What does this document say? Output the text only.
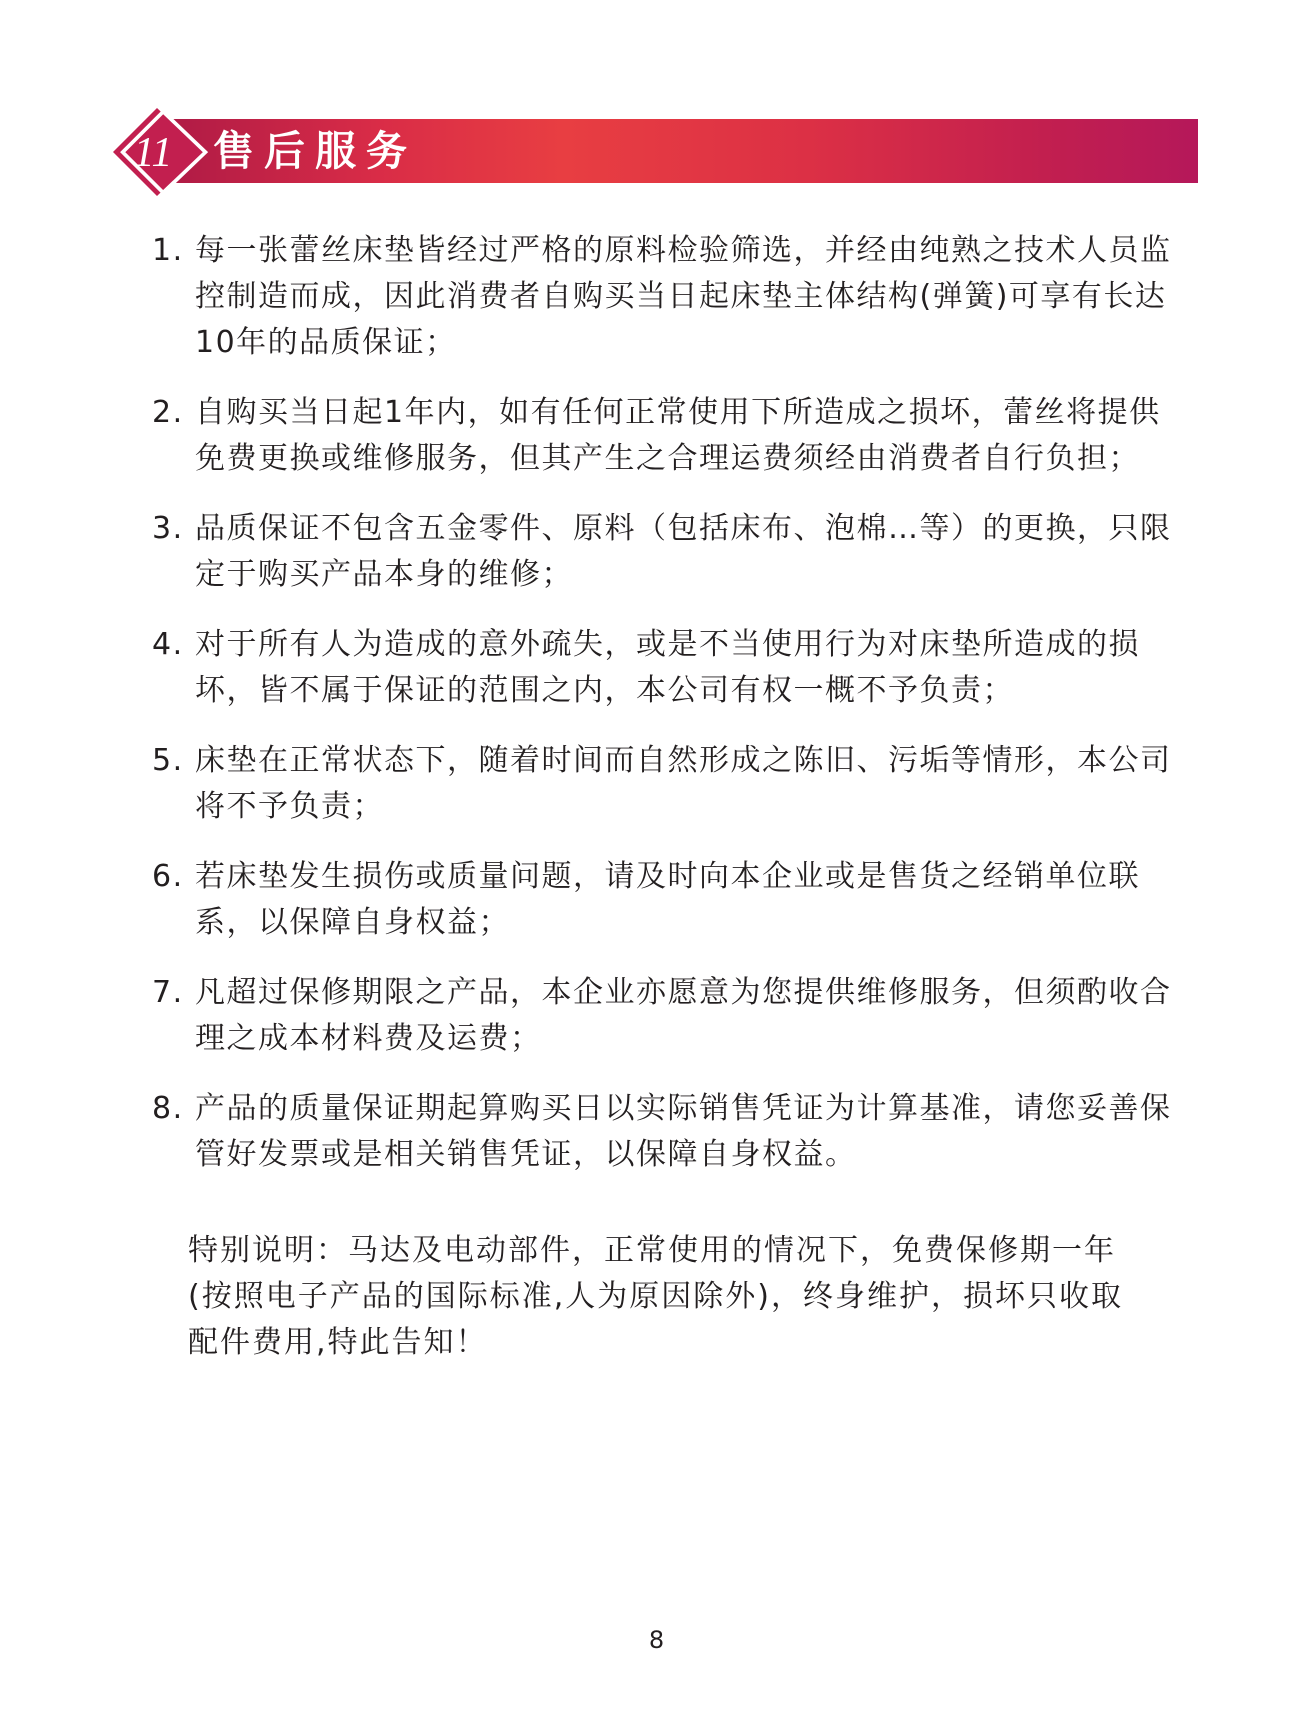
11 售后服务
1. 每一张蕾丝床垫皆经过严格的原料检验筛选，并经由纯熟之技术人员监控制造而成，因此消费者自购买当日起床垫主体结构(弹簧)可享有长达10年的品质保证；
2. 自购买当日起1年内，如有任何正常使用下所造成之损坏，蕾丝将提供免费更换或维修服务，但其产生之合理运费须经由消费者自行负担；
3. 品质保证不包含五金零件、原料（包括床布、泡棉…等）的更换，只限定于购买产品本身的维修；
4. 对于所有人为造成的意外疏失，或是不当使用行为对床垫所造成的损坏，皆不属于保证的范围之内，本公司有权一概不予负责；
5. 床垫在正常状态下，随着时间而自然形成之陈旧、污垢等情形，本公司将不予负责；
6. 若床垫发生损伤或质量问题，请及时向本企业或是售货之经销单位联系，以保障自身权益；
7. 凡超过保修期限之产品，本企业亦愿意为您提供维修服务，但须酌收合理之成本材料费及运费；
8. 产品的质量保证期起算购买日以实际销售凭证为计算基准，请您妥善保管好发票或是相关销售凭证，以保障自身权益。
特别说明：马达及电动部件，正常使用的情况下，免费保修期一年(按照电子产品的国际标准,人为原因除外)，终身维护，损坏只收取配件费用,特此告知！
8
